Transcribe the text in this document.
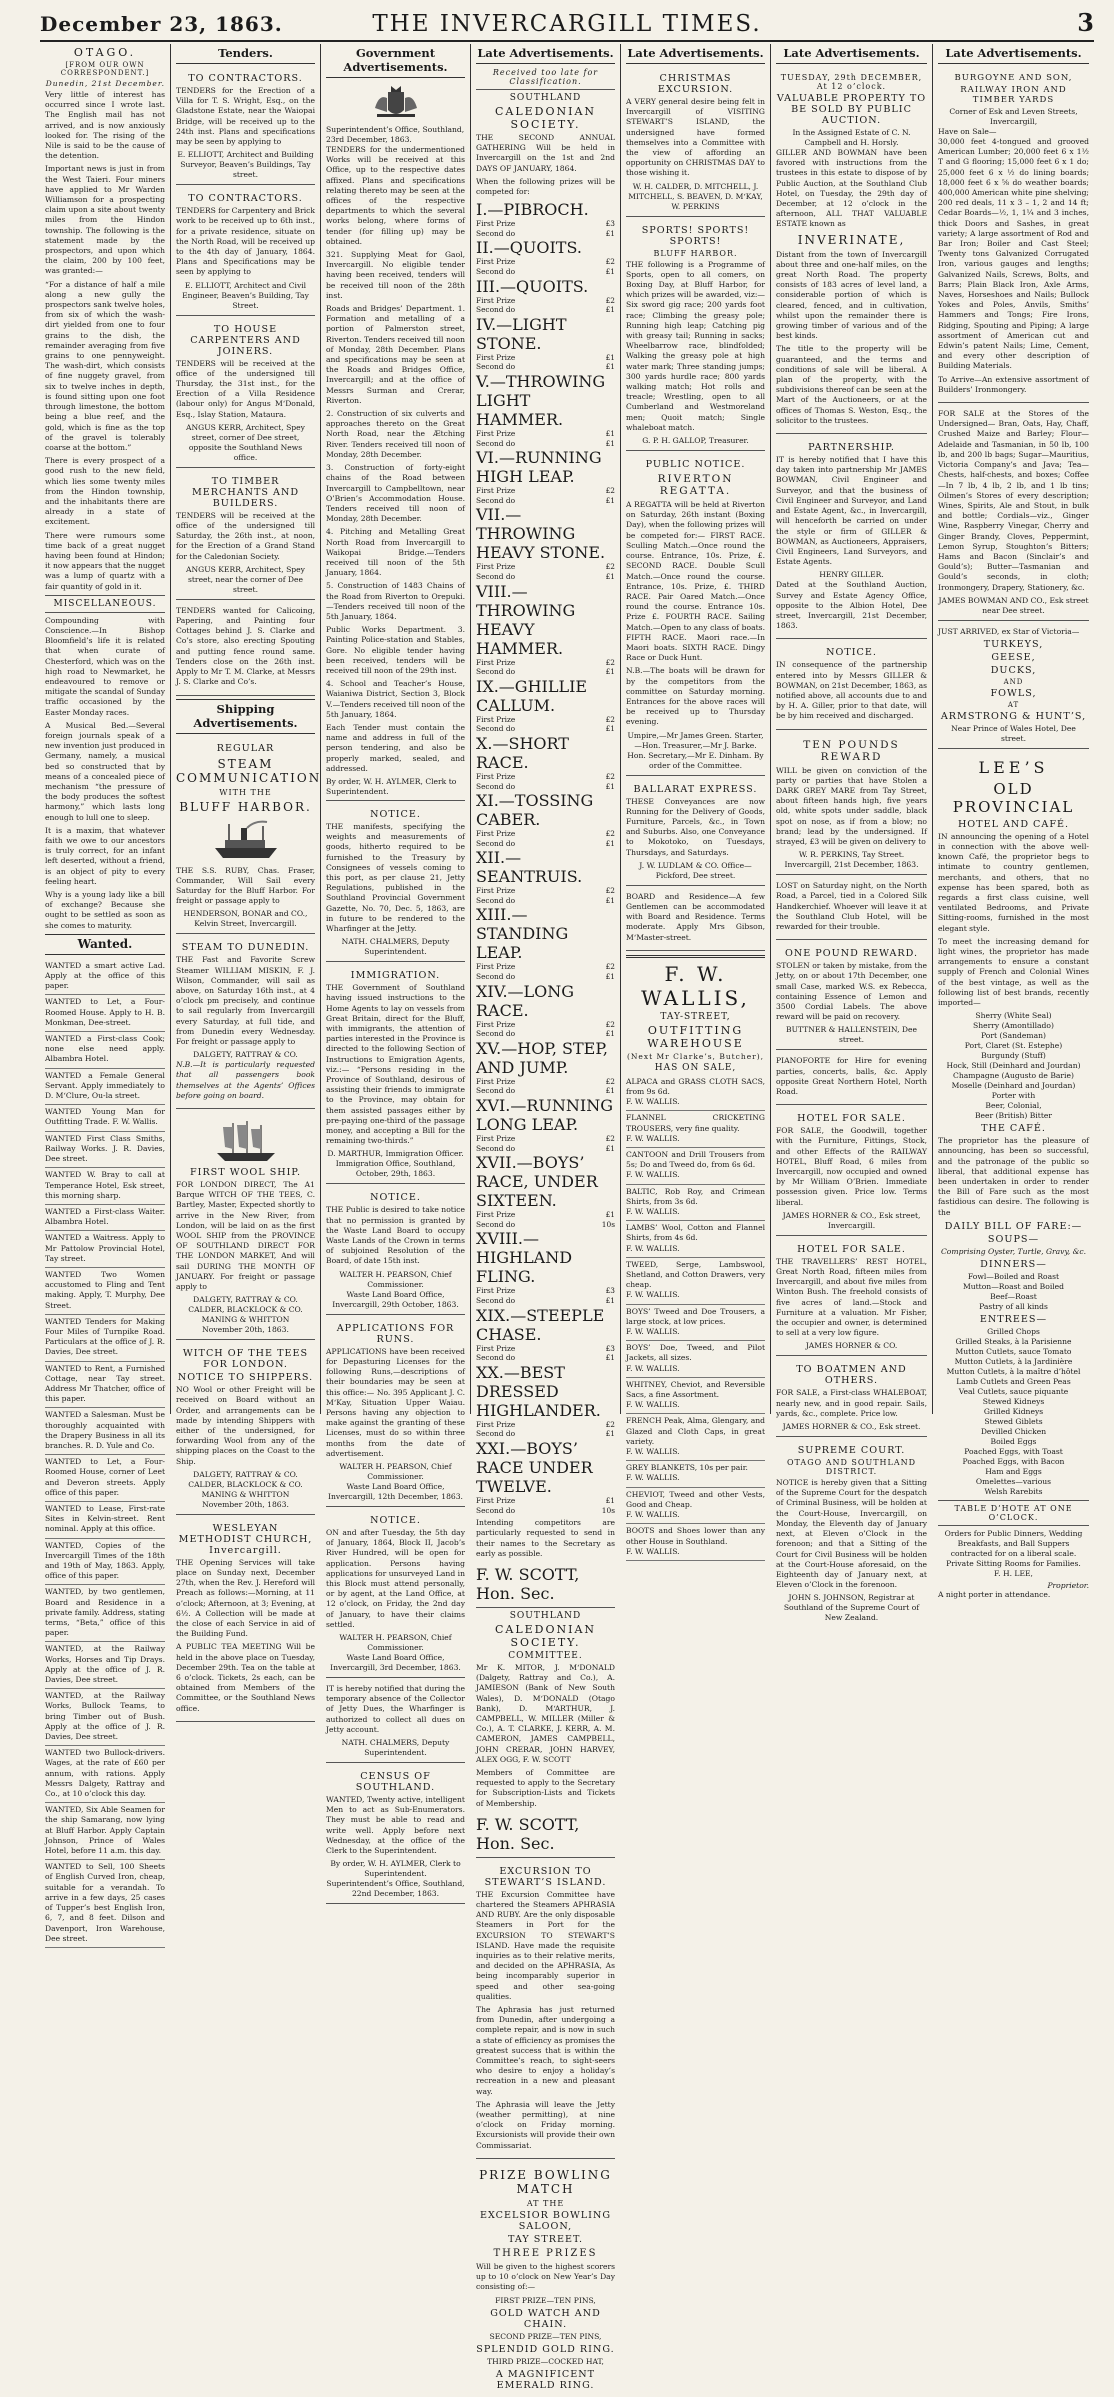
December 23, 1863.	THE INVERCARGILL TIMES.	3
OTAGO.
[FROM OUR OWN CORRESPONDENT.]
Dunedin, 21st December.

Very little of interest has occurred since I wrote last. The English mail has not arrived, and is now anxiously looked for. The rising of the Nile is said to be the cause of the detention.

Important news is just in from the West Taieri. Four miners have applied to Mr Warden Williamson for a prospecting claim upon a site about twenty miles from the Hindon township. The following is the statement made by the prospectors, and upon which the claim, 200 by 100 feet, was granted:—

“For a distance of half a mile along a new gully the prospectors sank twelve holes, from six of which the wash-dirt yielded from one to four grains to the dish, the remainder averaging from five grains to one pennyweight. The wash-dirt, which consists of fine nuggety gravel, from six to twelve inches in depth, is found sitting upon one foot through limestone, the bottom being a blue reef, and the gold, which is fine as the top of the gravel is tolerably coarse at the bottom.”

There is every prospect of a good rush to the new field, which lies some twenty miles from the Hindon township, and the inhabitants there are already in a state of excitement.

There were rumours some time back of a great nugget having been found at Hindon; it now appears that the nugget was a lump of quartz with a fair quantity of gold in it.

MISCELLANEOUS.

Compounding with Conscience.—In Bishop Bloomfield’s life it is related that when curate of Chesterford, which was on the high road to Newmarket, he endeavoured to remove or mitigate the scandal of Sunday traffic occasioned by the Easter Monday races.

A Musical Bed.—Several foreign journals speak of a new invention just produced in Germany, namely, a musical bed so constructed that by means of a concealed piece of mechanism “the pressure of the body produces the softest harmony,” which lasts long enough to lull one to sleep.

It is a maxim, that whatever faith we owe to our ancestors is truly correct, for an infant left deserted, without a friend, is an object of pity to every feeling heart.

Why is a young lady like a bill of exchange? Because she ought to be settled as soon as she comes to maturity.

Wanted.
WANTED a smart active Lad. Apply at the office of this paper.
WANTED to Let, a Four-Roomed House. Apply to H. B. Monkman, Dee-street.
WANTED a First-class Cook; none else need apply. Albambra Hotel.
WANTED a Female General Servant. Apply immediately to D. M‘Clure, Ou-la street.
WANTED Young Man for Outfitting Trade. F. W. Wallis.
WANTED First Class Smiths, Railway Works. J. R. Davies, Dee street.
WANTED W. Bray to call at Temperance Hotel, Esk street, this morning sharp.
WANTED a First-class Waiter. Albambra Hotel.
WANTED a Waitress. Apply to Mr Pattolow Provincial Hotel, Tay street.
WANTED Two Women accustomed to Fling and Tent making. Apply, T. Murphy, Dee Street.
WANTED Tenders for Making Four Miles of Turnpike Road. Particulars at the office of J. R. Davies, Dee street.
WANTED to Rent, a Furnished Cottage, near Tay street. Address Mr Thatcher, office of this paper.
WANTED a Salesman. Must be thoroughly acquainted with the Drapery Business in all its branches. R. D. Yule and Co.
WANTED to Let, a Four-Roomed House, corner of Leet and Deveron streets. Apply office of this paper.
WANTED to Lease, First-rate Sites in Kelvin-street. Rent nominal. Apply at this office.
WANTED, Copies of the Invercargill Times of the 18th and 19th of May, 1863. Apply, office of this paper.
WANTED, by two gentlemen, Board and Residence in a private family. Address, stating terms, “Beta,” office of this paper.
WANTED, at the Railway Works, Horses and Tip Drays. Apply at the office of J. R. Davies, Dee street.
WANTED, at the Railway Works, Bullock Teams, to bring Timber out of Bush. Apply at the office of J. R. Davies, Dee street.
WANTED two Bullock-drivers. Wages, at the rate of £60 per annum, with rations. Apply Messrs Dalgety, Rattray and Co., at 10 o’clock this day.
WANTED, Six Able Seamen for the ship Samarang, now lying at Bluff Harbor. Apply Captain Johnson, Prince of Wales Hotel, before 11 a.m. this day.
WANTED to Sell, 100 Sheets of English Curved Iron, cheap, suitable for a verandah. To arrive in a few days, 25 cases of Tupper’s best English Iron, 6, 7, and 8 feet. Dilson and Davenport, Iron Warehouse, Dee street.
Tenders.
TO CONTRACTORS.

TENDERS for the Erection of a Villa for T. S. Wright, Esq., on the Gladstone Estate, near the Waiopai Bridge, will be received up to the 24th inst. Plans and specifications may be seen by applying to

E. ELLIOTT, Architect and Building Surveyor, Beaven’s Buildings, Tay street.
TO CONTRACTORS.

TENDERS for Carpentery and Brick work to be received up to 6th inst., for a private residence, situate on the North Road, will be received up to the 4th day of January, 1864. Plans and Specifications may be seen by applying to

E. ELLIOTT, Architect and Civil Engineer, Beaven’s Building, Tay Street.
TO HOUSE CARPENTERS AND JOINERS.

TENDERS will be received at the office of the undersigned till Thursday, the 31st inst., for the Erection of a Villa Residence (labour only) for Angus M‘Donald, Esq., Islay Station, Mataura.

ANGUS KERR, Architect, Spey street, corner of Dee street, opposite the Southland News office.
TO TIMBER MERCHANTS AND BUILDERS.

TENDERS will be received at the office of the undersigned till Saturday, the 26th inst., at noon, for the Erection of a Grand Stand for the Caledonian Society.

ANGUS KERR, Architect, Spey street, near the corner of Dee street.

TENDERS wanted for Calicoing, Papering, and Painting four Cottages behind J. S. Clarke and Co’s store, also erecting Spouting and putting fence round same. Tenders close on the 26th inst. Apply to Mr T. M. Clarke, at Messrs J. S. Clarke and Co’s.

Shipping Advertisements.
REGULAR
STEAM COMMUNICATION
WITH THE
BLUFF HARBOR.

THE S.S. RUBY, Chas. Fraser, Commander, Will Sail every Saturday for the Bluff Harbor. For freight or passage apply to

HENDERSON, BONAR and CO., Kelvin Street, Invercargill.
STEAM TO DUNEDIN.

THE Fast and Favorite Screw Steamer WILLIAM MISKIN, F. J. Wilson, Commander, will sail as above, on Saturday 16th inst., at 4 o’clock pm precisely, and continue to sail regularly from Invercargill every Saturday, at full tide, and from Dunedin every Wednesday. For freight or passage apply to

DALGETY, RATTRAY & CO.

N.B.—It is particularly requested that all passengers book themselves at the Agents’ Offices before going on board.

FIRST WOOL SHIP.

FOR LONDON DIRECT, The A1 Barque WITCH OF THE TEES, C. Bartley, Master, Expected shortly to arrive in the New River, from London, will be laid on as the first WOOL SHIP from the PROVINCE OF SOUTHLAND DIRECT FOR THE LONDON MARKET, And will sail DURING THE MONTH OF JANUARY. For freight or passage apply to

DALGETY, RATTRAY & CO. CALDER, BLACKLOCK & CO. MANING & WHITTON
November 20th, 1863.
WITCH OF THE TEES FOR LONDON.
NOTICE TO SHIPPERS.

NO Wool or other Freight will be received on Board without an Order, and arrangements can be made by intending Shippers with either of the undersigned, for forwarding Wool from any of the shipping places on the Coast to the Ship.

DALGETY, RATTRAY & CO. CALDER, BLACKLOCK & CO. MANING & WHITTON
November 20th, 1863.
WESLEYAN METHODIST CHURCH, Invercargill.

THE Opening Services will take place on Sunday next, December 27th, when the Rev. J. Hereford will Preach as follows:—Morning, at 11 o’clock; Afternoon, at 3; Evening, at 6½. A Collection will be made at the close of each Service in aid of the Building Fund.

A PUBLIC TEA MEETING Will be held in the above place on Tuesday, December 29th. Tea on the table at 6 o’clock. Tickets, 2s each, can be obtained from Members of the Committee, or the Southland News office.

Government Advertisements.
Superintendent’s Office, Southland, 23rd December, 1863.

TENDERS for the undermentioned Works will be received at this Office, up to the respective dates affixed. Plans and specifications relating thereto may be seen at the offices of the respective departments to which the several works belong, where forms of tender (for filling up) may be obtained.

321. Supplying Meat for Gaol, Invercargill. No eligible tender having been received, tenders will be received till noon of the 28th inst.

Roads and Bridges’ Department. 1. Formation and metalling of a portion of Palmerston street, Riverton. Tenders received till noon of Monday, 28th December. Plans and specifications may be seen at the Roads and Bridges Office, Invercargill; and at the office of Messrs Surman and Crerar, Riverton.

2. Construction of six culverts and approaches thereto on the Great North Road, near the Ætching River. Tenders received till noon of Monday, 28th December.

3. Construction of forty-eight chains of the Road between Invercargill to Campbelltown, near O’Brien’s Accommodation House. Tenders received till noon of Monday, 28th December.

4. Pitching and Metalling Great North Road from Invercargill to Waikopai Bridge.—Tenders received till noon of the 5th January, 1864.

5. Construction of 1483 Chains of the Road from Riverton to Orepuki.—Tenders received till noon of the 5th January, 1864.

Public Works Department. 3. Painting Police-station and Stables, Gore. No eligible tender having been received, tenders will be received till noon of the 29th inst.

4. School and Teacher’s House, Waianiwa District, Section 3, Block V.—Tenders received till noon of the 5th January, 1864.

Each Tender must contain the name and address in full of the person tendering, and also be properly marked, sealed, and addressed.

By order, W. H. AYLMER, Clerk to Superintendent.
NOTICE.

THE manifests, specifying the weights and measurements of goods, hitherto required to be furnished to the Treasury by Consignees of vessels coming to this port, as per clause 21, Jetty Regulations, published in the Southland Provincial Government Gazette, No. 70, Dec. 5, 1863, are in future to be rendered to the Wharfinger at the Jetty.

NATH. CHALMERS, Deputy Superintendent.
IMMIGRATION.

THE Government of Southland having issued instructions to the Home Agents to lay on vessels from Great Britain, direct for the Bluff, with immigrants, the attention of parties interested in the Province is directed to the following Section of Instructions to Emigration Agents, viz.:— “Persons residing in the Province of Southland, desirous of assisting their friends to immigrate to the Province, may obtain for them assisted passages either by pre-paying one-third of the passage money, and accepting a Bill for the remaining two-thirds.”

D. MARTHUR, Immigration Officer.
Immigration Office, Southland, October, 29th, 1863.
NOTICE.

THE Public is desired to take notice that no permission is granted by the Waste Land Board to occupy Waste Lands of the Crown in terms of subjoined Resolution of the Board, of date 15th inst.

WALTER H. PEARSON, Chief Commissioner.
Waste Land Board Office, Invercargill, 29th October, 1863.
APPLICATIONS FOR RUNS.

APPLICATIONS have been received for Depasturing Licenses for the following Runs,—descriptions of their boundaries may be seen at this office:— No. 395 Applicant J. C. M‘Kay, Situation Upper Waiau. Persons having any objection to make against the granting of these Licenses, must do so within three months from the date of advertisement.

WALTER H. PEARSON, Chief Commissioner.
Waste Land Board Office, Invercargill, 12th December, 1863.
NOTICE.

ON and after Tuesday, the 5th day of January, 1864, Block II, Jacob’s River Hundred, will be open for application. Persons having applications for unsurveyed Land in this Block must attend personally, or by agent, at the Land Office, at 12 o’clock, on Friday, the 2nd day of January, to have their claims settled.

WALTER H. PEARSON, Chief Commissioner.
Waste Land Board Office, Invercargill, 3rd December, 1863.

IT is hereby notified that during the temporary absence of the Collector of Jetty Dues, the Wharfinger is authorized to collect all dues on Jetty account.

NATH. CHALMERS, Deputy Superintendent.
CENSUS OF SOUTHLAND.

WANTED, Twenty active, intelligent Men to act as Sub-Enumerators. They must be able to read and write well. Apply before next Wednesday, at the office of the Clerk to the Superintendent.

By order, W. H. AYLMER, Clerk to Superintendent.
Superintendent’s Office, Southland, 22nd December, 1863.
Late Advertisements.
Received too late for Classification.
SOUTHLAND
CALEDONIAN SOCIETY.

THE SECOND ANNUAL GATHERING Will be held in Invercargill on the 1st and 2nd DAYS OF JANUARY, 1864.

When the following prizes will be competed for:

I.—PIBROCH.
First Prize	£3
Second do	£1
II.—QUOITS.
First Prize	£2
Second do	£1
III.—QUOITS.
First Prize	£2
Second do	£1
IV.—LIGHT STONE.
First Prize	£1
Second do	£1
V.—THROWING LIGHT HAMMER.
First Prize	£1
Second do	£1
VI.—RUNNING HIGH LEAP.
First Prize	£2
Second do	£1
VII.—THROWING HEAVY STONE.
First Prize	£2
Second do	£1
VIII.—THROWING HEAVY HAMMER.
First Prize	£2
Second do	£1
IX.—GHILLIE CALLUM.
First Prize	£2
Second do	£1
X.—SHORT RACE.
First Prize	£2
Second do	£1
XI.—TOSSING CABER.
First Prize	£2
Second do	£1
XII.—SEANTRUIS.
First Prize	£2
Second do	£1
XIII.—STANDING LEAP.
First Prize	£2
Second do	£1
XIV.—LONG RACE.
First Prize	£2
Second do	£1
XV.—HOP, STEP, AND JUMP.
First Prize	£2
Second do	£1
XVI.—RUNNING LONG LEAP.
First Prize	£2
Second do	£1
XVII.—BOYS’ RACE, UNDER SIXTEEN.
First Prize	£1
Second do	10s
XVIII.—HIGHLAND FLING.
First Prize	£3
Second do	£1
XIX.—STEEPLE CHASE.
First Prize	£3
Second do	£1
XX.—BEST DRESSED HIGHLANDER.
First Prize	£2
Second do	£1
XXI.—BOYS’ RACE UNDER TWELVE.
First Prize	£1
Second do	10s

Intending competitors are particularly requested to send in their names to the Secretary as early as possible.

F. W. SCOTT, Hon. Sec.
SOUTHLAND
CALEDONIAN SOCIETY.
COMMITTEE.

Mr K. MITOR, J. M‘DONALD (Dalgety, Rattray and Co.), A. JAMIESON (Bank of New South Wales), D. M‘DONALD (Otago Bank), D. M‘ARTHUR, J. CAMPBELL, W. MILLER (Miller & Co.), A. T. CLARKE, J. KERR, A. M. CAMERON, JAMES CAMPBELL, JOHN CRERAR, JOHN HARVEY, ALEX OGG, F. W. SCOTT

Members of Committee are requested to apply to the Secretary for Subscription-Lists and Tickets of Membership.

F. W. SCOTT, Hon. Sec.
EXCURSION TO STEWART’S ISLAND.

THE Excursion Committee have chartered the Steamers APHRASIA AND RUBY. Are the only disposable Steamers in Port for the EXCURSION TO STEWART’S ISLAND. Have made the requisite inquiries as to their relative merits, and decided on the APHRASIA, As being incomparably superior in speed and other sea-going qualities.

The Aphrasia has just returned from Dunedin, after undergoing a complete repair, and is now in such a state of efficiency as promises the greatest success that is within the Committee’s reach, to sight-seers who desire to enjoy a holiday’s recreation in a new and pleasant way.

The Aphrasia will leave the Jetty (weather permitting), at nine o’clock on Friday morning. Excursionists will provide their own Commissariat.

PRIZE BOWLING MATCH
AT THE
EXCELSIOR BOWLING SALOON,
TAY STREET.
THREE PRIZES

Will be given to the highest scorers up to 10 o’clock on New Year’s Day consisting of:—

FIRST PRIZE—TEN PINS,
GOLD WATCH AND CHAIN.
SECOND PRIZE—TEN PINS,
SPLENDID GOLD RING.
THIRD PRIZE—COCKED HAT,
A MAGNIFICENT EMERALD RING.
Late Advertisements.
CHRISTMAS EXCURSION.

A VERY general desire being felt in Invercargill of VISITING STEWART’S ISLAND, the undersigned have formed themselves into a Committee with the view of affording an opportunity on CHRISTMAS DAY to those wishing it.

W. H. CALDER, D. MITCHELL, J. MITCHELL, S. BEAVEN, D. M‘KAY, W. PERKINS
SPORTS! SPORTS! SPORTS!
BLUFF HARBOR.

THE following is a Programme of Sports, open to all comers, on Boxing Day, at Bluff Harbor, for which prizes will be awarded, viz:— Six sword gig race; 200 yards foot race; Climbing the greasy pole; Running high leap; Catching pig with greasy tail; Running in sacks; Wheelbarrow race, blindfolded; Walking the greasy pole at high water mark; Three standing jumps; 300 yards hurdle race; 800 yards walking match; Hot rolls and treacle; Wrestling, open to all Cumberland and Westmoreland men; Quoit match; Single whaleboat match.

G. P. H. GALLOP, Treasurer.
PUBLIC NOTICE.
RIVERTON REGATTA.

A REGATTA will be held at Riverton on Saturday, 26th instant (Boxing Day), when the following prizes will be competed for:— FIRST RACE. Sculling Match.—Once round the course. Entrance, 10s. Prize, £. SECOND RACE. Double Scull Match.—Once round the course. Entrance, 10s. Prize, £. THIRD RACE. Pair Oared Match.—Once round the course. Entrance 10s. Prize £. FOURTH RACE. Sailing Match.—Open to any class of boats. FIFTH RACE. Maori race.—In Maori boats. SIXTH RACE. Dingy Race or Duck Hunt.

N.B.—The boats will be drawn for by the competitors from the committee on Saturday morning. Entrances for the above races will be received up to Thursday evening.

Umpire,—Mr James Green. Starter,—Hon. Treasurer,—Mr J. Barke. Hon. Secretary,—Mr E. Dinham. By order of the Committee.
BALLARAT EXPRESS.

THESE Conveyances are now Running for the Delivery of Goods, Furniture, Parcels, &c., in Town and Suburbs. Also, one Conveyance to Mokotoko, on Tuesdays, Thursdays, and Saturdays.

J. W. LUDLAM & CO. Office—Pickford, Dee street.

BOARD and Residence—A few Gentlemen can be accommodated with Board and Residence. Terms moderate. Apply Mrs Gibson, M‘Master-street.

F. W. WALLIS,
TAY-STREET,
OUTFITTING WAREHOUSE
(Next Mr Clarke’s, Butcher),
HAS ON SALE,
ALPACA and GRASS CLOTH SACS, from 9s 6d.
F. W. WALLIS.
FLANNEL CRICKETING TROUSERS, very fine quality.
F. W. WALLIS.
CANTOON and Drill Trousers from 5s; Do and Tweed do, from 6s 6d.
F. W. WALLIS.
BALTIC, Rob Roy, and Crimean Shirts, from 3s 6d.
F. W. WALLIS.
LAMBS’ Wool, Cotton and Flannel Shirts, from 4s 6d.
F. W. WALLIS.
TWEED, Serge, Lambswool, Shetland, and Cotton Drawers, very cheap.
F. W. WALLIS.
BOYS’ Tweed and Doe Trousers, a large stock, at low prices.
F. W. WALLIS.
BOYS’ Doe, Tweed, and Pilot Jackets, all sizes.
F. W. WALLIS.
WHITNEY, Cheviot, and Reversible Sacs, a fine Assortment.
F. W. WALLIS.
FRENCH Peak, Alma, Glengary, and Glazed and Cloth Caps, in great variety.
F. W. WALLIS.
GREY BLANKETS, 10s per pair.
F. W. WALLIS.
CHEVIOT, Tweed and other Vests, Good and Cheap.
F. W. WALLIS.
BOOTS and Shoes lower than any other House in Southland.
F. W. WALLIS.
Late Advertisements.
TUESDAY, 29th DECEMBER, At 12 o’clock.
VALUABLE PROPERTY TO BE SOLD BY PUBLIC AUCTION.
In the Assigned Estate of C. N. Campbell and H. Horsly.

GILLER AND BOWMAN have been favored with instructions from the trustees in this estate to dispose of by Public Auction, at the Southland Club Hotel, on Tuesday, the 29th day of December, at 12 o’clock in the afternoon, ALL THAT VALUABLE ESTATE known as

INVERINATE,

Distant from the town of Invercargill about three and one-half miles, on the great North Road. The property consists of 183 acres of level land, a considerable portion of which is cleared, fenced, and in cultivation, whilst upon the remainder there is growing timber of various and of the best kinds.

The title to the property will be guaranteed, and the terms and conditions of sale will be liberal. A plan of the property, with the subdivisions thereof can be seen at the Mart of the Auctioneers, or at the offices of Thomas S. Weston, Esq., the solicitor to the trustees.

PARTNERSHIP.

IT is hereby notified that I have this day taken into partnership Mr JAMES BOWMAN, Civil Engineer and Surveyor, and that the business of Civil Engineer and Surveyor, and Land and Estate Agent, &c., in Invercargill, will henceforth be carried on under the style or firm of GILLER & BOWMAN, as Auctioneers, Appraisers, Civil Engineers, Land Surveyors, and Estate Agents.

HENRY GILLER.

Dated at the Southland Auction, Survey and Estate Agency Office, opposite to the Albion Hotel, Dee street, Invercargill, 21st December, 1863.

NOTICE.

IN consequence of the partnership entered into by Messrs GILLER & BOWMAN, on 21st December, 1863, as notified above, all accounts due to and by H. A. Giller, prior to that date, will be by him received and discharged.

TEN POUNDS REWARD

WILL be given on conviction of the party or parties that have Stolen a DARK GREY MARE from Tay Street, about fifteen hands high, five years old, white spots under saddle, black spot on nose, as if from a blow; no brand; lead by the undersigned. If strayed, £3 will be given on delivery to

W. R. PERKINS, Tay Street.
Invercargill, 21st December, 1863.

LOST on Saturday night, on the North Road, a Parcel, tied in a Colored Silk Handkerchief. Whoever will leave it at the Southland Club Hotel, will be rewarded for their trouble.

ONE POUND REWARD.

STOLEN or taken by mistake, from the Jetty, on or about 17th December, one small Case, marked W.S. ex Rebecca, containing Essence of Lemon and 3500 Cordial Labels. The above reward will be paid on recovery.

BUTTNER & HALLENSTEIN, Dee street.

PIANOFORTE for Hire for evening parties, concerts, balls, &c. Apply opposite Great Northern Hotel, North Road.

HOTEL FOR SALE.

FOR SALE, the Goodwill, together with the Furniture, Fittings, Stock, and other Effects of the RAILWAY HOTEL, Bluff Road, 6 miles from Invercargill, now occupied and owned by Mr William O’Brien. Immediate possession given. Price low. Terms liberal.

JAMES HORNER & CO., Esk street, Invercargill.
HOTEL FOR SALE.

THE TRAVELLERS’ REST HOTEL, Great North Road, fifteen miles from Invercargill, and about five miles from Winton Bush. The freehold consists of five acres of land.—Stock and Furniture at a valuation. Mr Fisher, the occupier and owner, is determined to sell at a very low figure.

JAMES HORNER & CO.
TO BOATMEN AND OTHERS.

FOR SALE, a First-class WHALEBOAT, nearly new, and in good repair. Sails, yards, &c., complete. Price low.

JAMES HORNER & CO., Esk street.
SUPREME COURT.
OTAGO AND SOUTHLAND DISTRICT.

NOTICE is hereby given that a Sitting of the Supreme Court for the despatch of Criminal Business, will be holden at the Court-House, Invercargill, on Monday, the Eleventh day of January next, at Eleven o’Clock in the forenoon; and that a Sitting of the Court for Civil Business will be holden at the Court-House aforesaid, on the Eighteenth day of January next, at Eleven o’Clock in the forenoon.

JOHN S. JOHNSON, Registrar at Southland of the Supreme Court of New Zealand.
Late Advertisements.
BURGOYNE AND SON,
RAILWAY IRON AND TIMBER YARDS
Corner of Esk and Leven Streets, Invercargill,
Have on Sale—

30,000 feet 4-tongued and grooved American Lumber; 20,000 feet 6 x 1½ T and G flooring; 15,000 feet 6 x 1 do; 25,000 feet 6 x ½ do lining boards; 18,000 feet 6 x ⅝ do weather boards; 400,000 American white pine shelving; 200 red deals, 11 x 3 – 1, 2 and 14 ft; Cedar Boards—½, 1, 1¼ and 3 inches, thick Doors and Sashes, in great variety; A large assortment of Rod and Bar Iron; Boiler and Cast Steel; Twenty tons Galvanized Corrugated Iron, various gauges and lengths; Galvanized Nails, Screws, Bolts, and Barrs; Plain Black Iron, Axle Arms, Naves, Horseshoes and Nails; Bullock Yokes and Poles, Anvils, Smiths’ Hammers and Tongs; Fire Irons, Ridging, Spouting and Piping; A large assortment of American cut and Edwin’s patent Nails; Lime, Cement, and every other description of Building Materials.

To Arrive—An extensive assortment of Builders’ Ironmongery.

FOR SALE at the Stores of the Undersigned— Bran, Oats, Hay, Chaff, Crushed Maize and Barley; Flour—Adelaide and Tasmanian, in 50 lb, 100 lb, and 200 lb bags; Sugar—Mauritius, Victoria Company’s and Java; Tea—Chests, half-chests, and boxes; Coffee—In 7 lb, 4 lb, 2 lb, and 1 lb tins; Oilmen’s Stores of every description; Wines, Spirits, Ale and Stout, in bulk and bottle; Cordials—viz., Ginger Wine, Raspberry Vinegar, Cherry and Ginger Brandy, Cloves, Peppermint, Lemon Syrup, Stoughton’s Bitters; Hams and Bacon (Sinclair’s and Gould’s); Butter—Tasmanian and Gould’s seconds, in cloth; Ironmongery, Drapery, Stationery, &c.

JAMES BOWMAN AND CO., Esk street near Dee street.
JUST ARRIVED, ex Star of Victoria—
TURKEYS,
GEESE,
DUCKS,
AND
FOWLS,
AT
ARMSTRONG & HUNT’S,
Near Prince of Wales Hotel, Dee street.
LEE’S
OLD PROVINCIAL
HOTEL AND CAFÉ.

IN announcing the opening of a Hotel in connection with the above well-known Café, the proprietor begs to intimate to country gentlemen, merchants, and others, that no expense has been spared, both as regards a first class cuisine, well ventilated Bedrooms, and Private Sitting-rooms, furnished in the most elegant style.

To meet the increasing demand for light wines, the proprietor has made arrangements to ensure a constant supply of French and Colonial Wines of the best vintage, as well as the following list of best brands, recently imported—

Sherry (White Seal)
Sherry (Amontillado)
Port (Sandeman)
Port, Claret (St. Estephe)
Burgundy (Stuff)
Hock, Still (Deinhard and Jourdan)
Champagne (Augusto de Barie)
Moselle (Deinhard and Jourdan)
Porter with
Beer, Colonial,
Beer (British) Bitter
THE CAFÉ.

The proprietor has the pleasure of announcing, has been so successful, and the patronage of the public so liberal, that additional expense has been undertaken in order to render the Bill of Fare such as the most fastidious can desire. The following is the

DAILY BILL OF FARE:—
SOUPS—
Comprising Oyster, Turtle, Gravy, &c.
DINNERS—
Fowl—Boiled and Roast
Mutton—Roast and Boiled
Beef—Roast
Pastry of all kinds
ENTREES—
Grilled Chops
Grilled Steaks, à la Parisienne
Mutton Cutlets, sauce Tomato
Mutton Cutlets, à la Jardinière
Mutton Cutlets, à la maître d’hôtel
Lamb Cutlets and Green Peas
Veal Cutlets, sauce piquante
Stewed Kidneys
Grilled Kidneys
Stewed Giblets
Devilled Chicken
Boiled Eggs
Poached Eggs, with Toast
Poached Eggs, with Bacon
Ham and Eggs
Omelettes—various
Welsh Rarebits
TABLE D’HOTE AT ONE O’CLOCK.
Orders for Public Dinners, Wedding Breakfasts, and Ball Suppers contracted for on a liberal scale.
Private Sitting Rooms for Families.
F. H. LEE,
Proprietor.
A night porter in attendance.
